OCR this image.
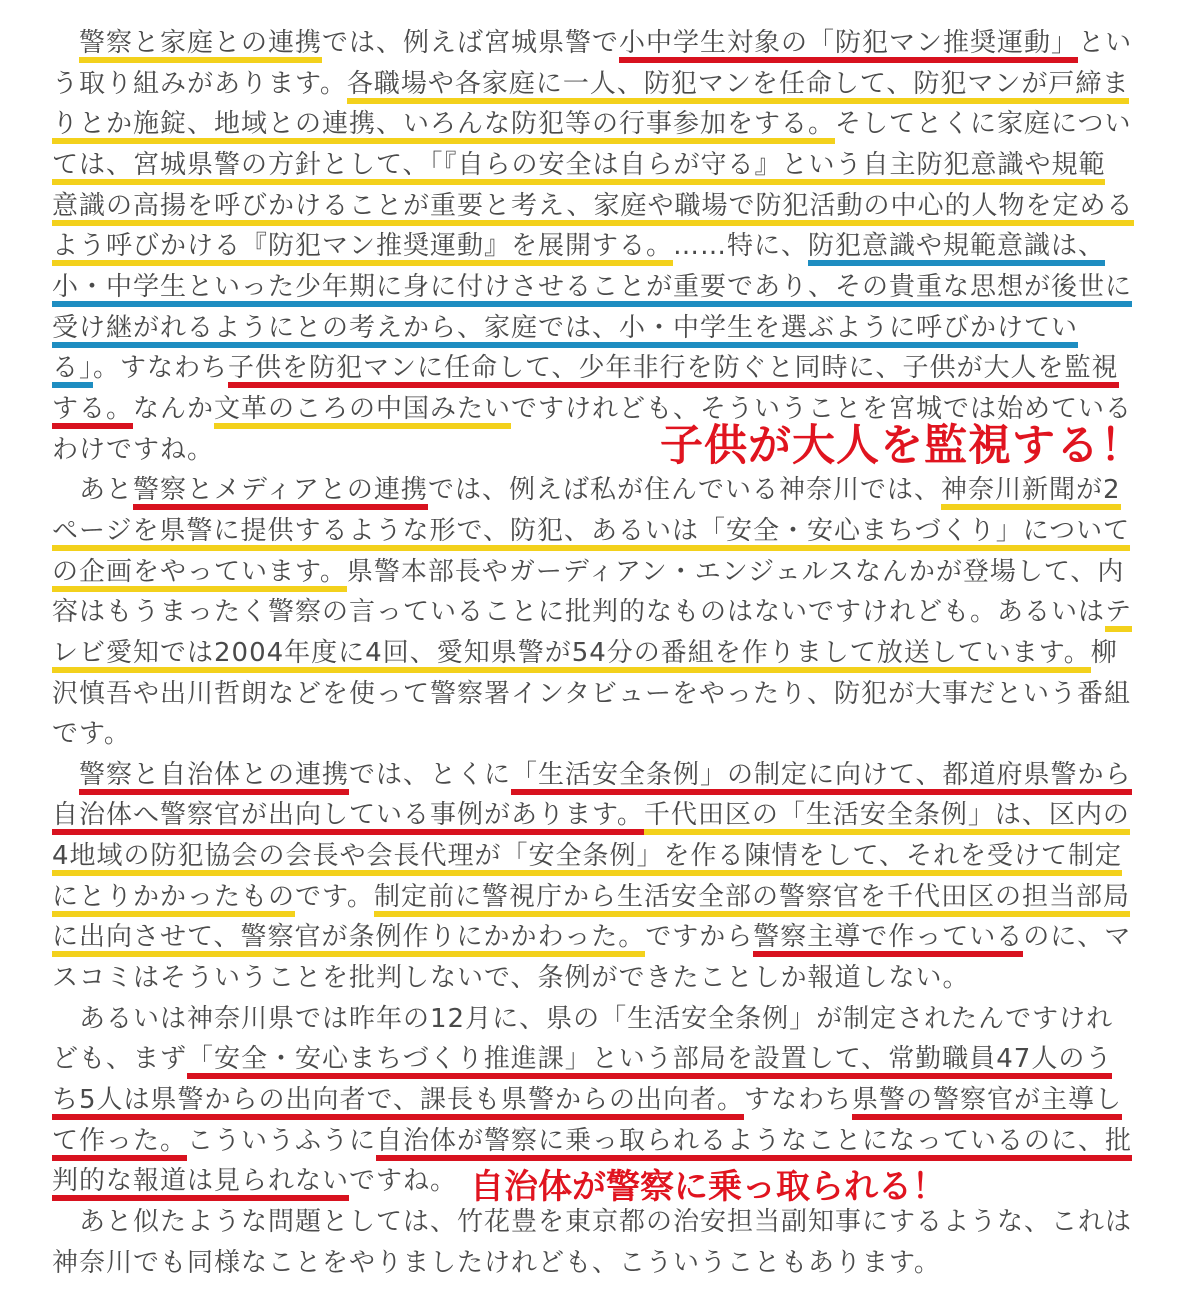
　警察と家庭との連携では、例えば宮城県警で小中学生対象の「防犯マン推奨運動」とい
う取り組みがあります。各職場や各家庭に一人、防犯マンを任命して、防犯マンが戸締ま
りとか施錠、地域との連携、いろんな防犯等の行事参加をする。そしてとくに家庭につい
ては、宮城県警の方針として、「『自らの安全は自らが守る』という自主防犯意識や規範
意識の高揚を呼びかけることが重要と考え、家庭や職場で防犯活動の中心的人物を定める
よう呼びかける『防犯マン推奨運動』を展開する。……特に、防犯意識や規範意識は、
小・中学生といった少年期に身に付けさせることが重要であり、その貴重な思想が後世に
受け継がれるようにとの考えから、家庭では、小・中学生を選ぶように呼びかけてい
る」。すなわち子供を防犯マンに任命して、少年非行を防ぐと同時に、子供が大人を監視
する。なんか文革のころの中国みたいですけれども、そういうことを宮城では始めている
わけですね。
　あと警察とメディアとの連携では、例えば私が住んでいる神奈川では、神奈川新聞が2
ページを県警に提供するような形で、防犯、あるいは「安全・安心まちづくり」について
の企画をやっています。県警本部長やガーディアン・エンジェルスなんかが登場して、内
容はもうまったく警察の言っていることに批判的なものはないですけれども。あるいはテ
レビ愛知では2004年度に4回、愛知県警が54分の番組を作りまして放送しています。柳
沢慎吾や出川哲朗などを使って警察署インタビューをやったり、防犯が大事だという番組
です。
　警察と自治体との連携では、とくに「生活安全条例」の制定に向けて、都道府県警から
自治体へ警察官が出向している事例があります。千代田区の「生活安全条例」は、区内の
4地域の防犯協会の会長や会長代理が「安全条例」を作る陳情をして、それを受けて制定
にとりかかったものです。制定前に警視庁から生活安全部の警察官を千代田区の担当部局
に出向させて、警察官が条例作りにかかわった。ですから警察主導で作っているのに、マ
スコミはそういうことを批判しないで、条例ができたことしか報道しない。
　あるいは神奈川県では昨年の12月に、県の「生活安全条例」が制定されたんですけれ
ども、まず「安全・安心まちづくり推進課」という部局を設置して、常勤職員47人のう
ち5人は県警からの出向者で、課長も県警からの出向者。すなわち県警の警察官が主導し
て作った。こういうふうに自治体が警察に乗っ取られるようなことになっているのに、批
判的な報道は見られないですね。
　あと似たような問題としては、竹花豊を東京都の治安担当副知事にするような、これは
神奈川でも同様なことをやりましたけれども、こういうこともあります。
子供が大人を監視する！
自治体が警察に乗っ取られる！
